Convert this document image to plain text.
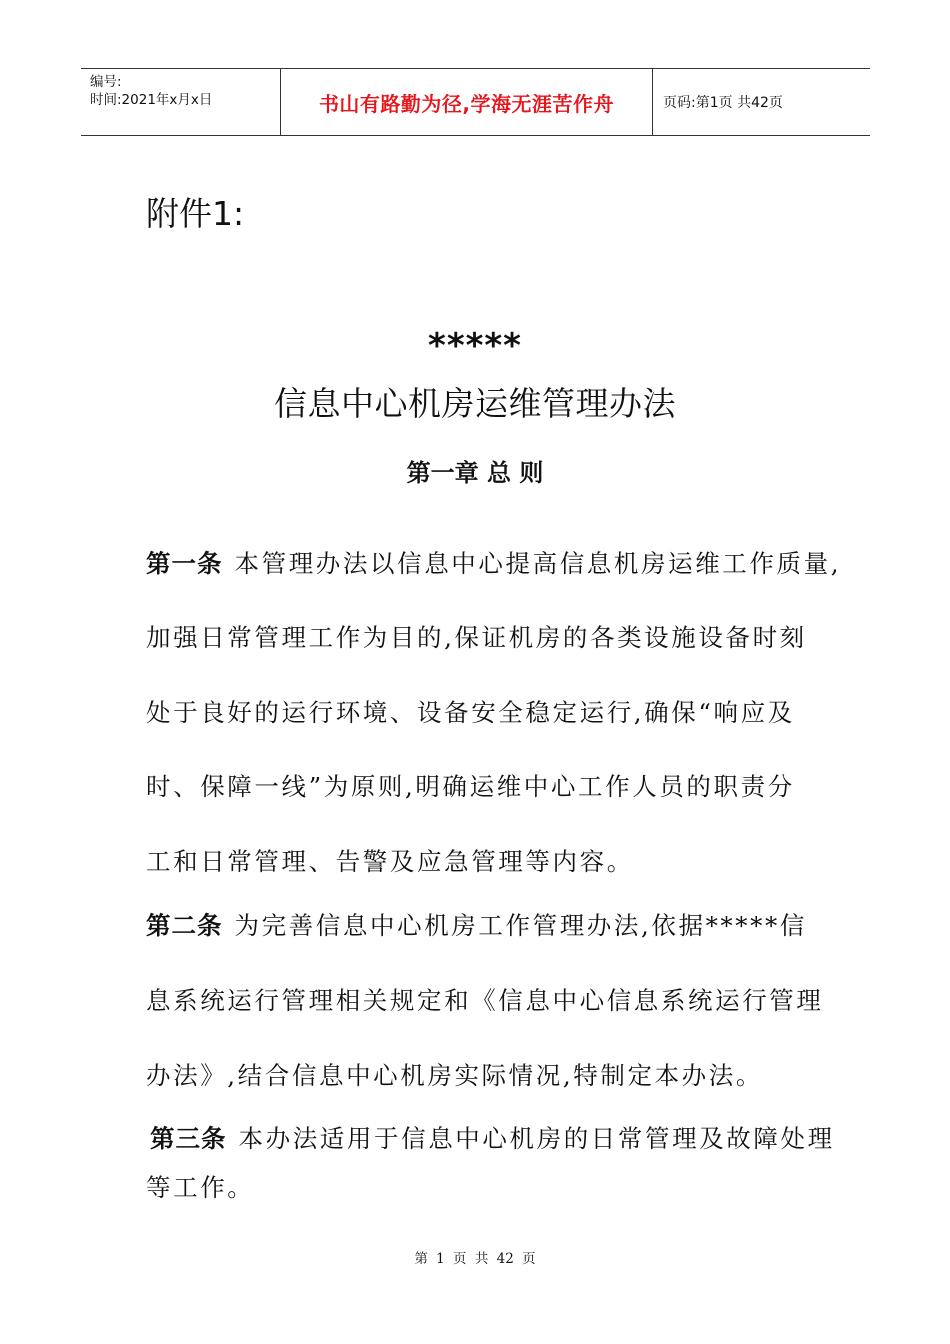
编号:
时间:2021年x月x日	书山有路勤为径,学海无涯苦作舟	页码:第1页 共42页
附件1:
*****
信息中心机房运维管理办法
第一章 总 则
第一条 本管理办法以信息中心提高信息机房运维工作质量,
加强日常管理工作为目的,保证机房的各类设施设备时刻
处于良好的运行环境、设备安全稳定运行,确保“响应及
时、保障一线”为原则,明确运维中心工作人员的职责分
工和日常管理、告警及应急管理等内容。
第二条 为完善信息中心机房工作管理办法,依据*****信
息系统运行管理相关规定和《信息中心信息系统运行管理
办法》,结合信息中心机房实际情况,特制定本办法。
第三条 本办法适用于信息中心机房的日常管理及故障处理
等工作。
第 1 页 共 42 页
